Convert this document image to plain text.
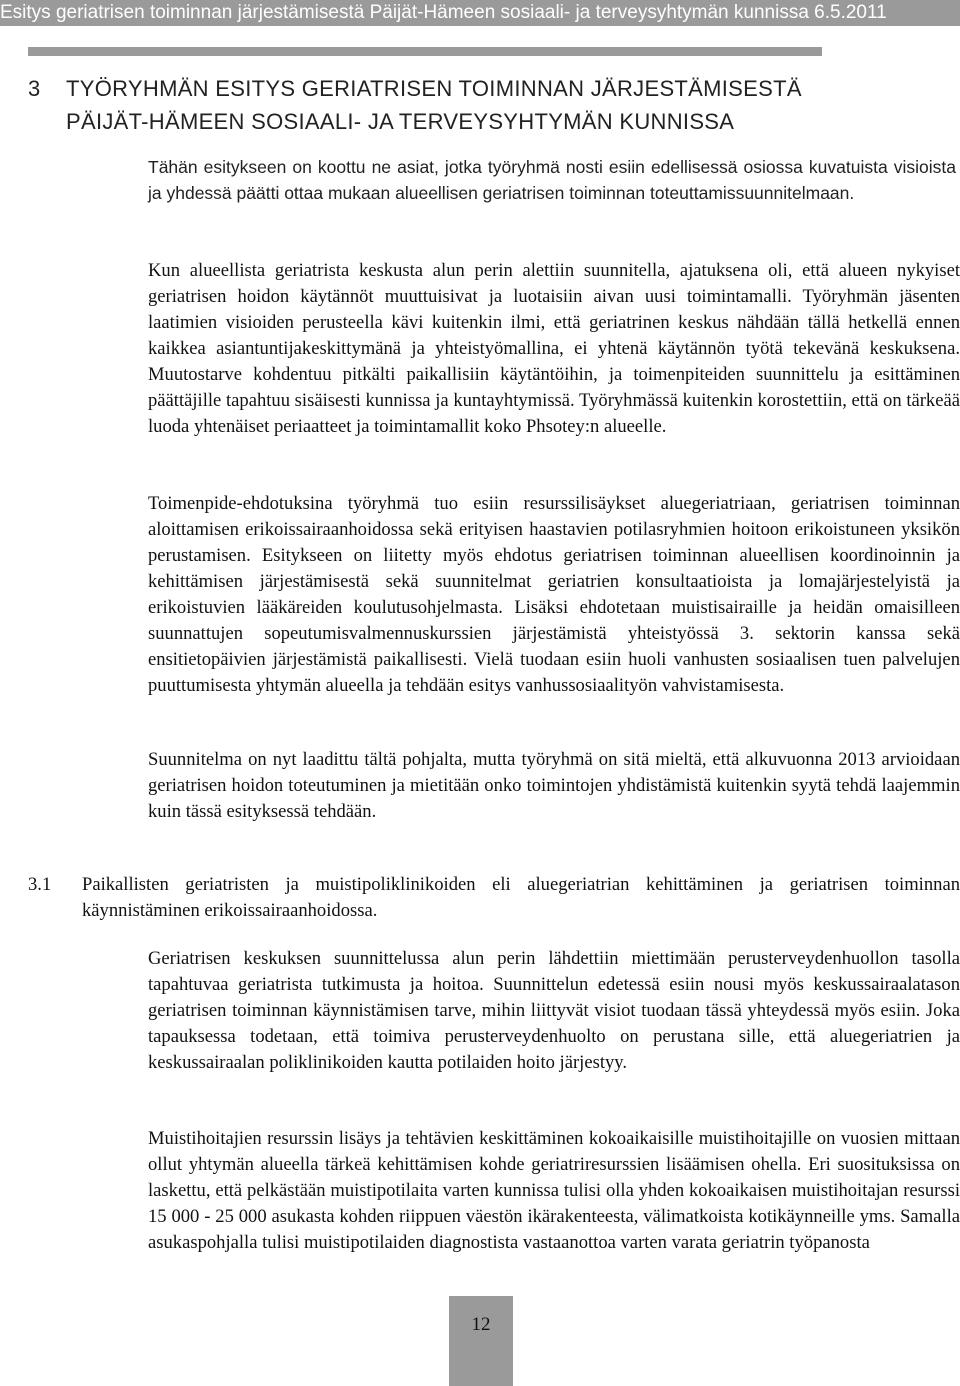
Esitys geriatrisen toiminnan järjestämisestä Päijät-Hämeen sosiaali- ja terveysyhtymän kunnissa 6.5.2011
3 TYÖRYHMÄN ESITYS GERIATRISEN TOIMINNAN JÄRJESTÄMISESTÄ
PÄIJÄT-HÄMEEN SOSIAALI- JA TERVEYSYHTYMÄN KUNNISSA
Tähän esitykseen on koottu ne asiat, jotka työryhmä nosti esiin edellisessä osiossa kuvatuista visioista ja yhdessä päätti ottaa mukaan alueellisen geriatrisen toiminnan toteuttamissuunnitelmaan.
Kun alueellista geriatrista keskusta alun perin alettiin suunnitella, ajatuksena oli, että alueen nykyiset geriatrisen hoidon käytännöt muuttuisivat ja luotaisiin aivan uusi toimintamalli. Työryhmän jäsenten laatimien visioiden perusteella kävi kuitenkin ilmi, että geriatrinen keskus nähdään tällä hetkellä ennen kaikkea asiantuntijakeskittymänä ja yhteistyömallina, ei yhtenä käytännön työtä tekevänä keskuksena. Muutostarve kohdentuu pitkälti paikallisiin käytäntöihin, ja toimenpiteiden suunnittelu ja esittäminen päättäjille tapahtuu sisäisesti kunnissa ja kuntayhtymissä. Työryhmässä kuitenkin korostettiin, että on tärkeää luoda yhtenäiset periaatteet ja toimintamallit koko Phsotey:n alueelle.
Toimenpide-ehdotuksina työryhmä tuo esiin resurssilisäykset aluegeriatriaan, geriatrisen toiminnan aloittamisen erikoissairaanhoidossa sekä erityisen haastavien potilasryhmien hoitoon erikoistuneen yksikön perustamisen. Esitykseen on liitetty myös ehdotus geriatrisen toiminnan alueellisen koordinoinnin ja kehittämisen järjestämisestä sekä suunnitelmat geriatrien konsultaatioista ja lomajärjestelyistä ja erikoistuvien lääkäreiden koulutusohjelmasta. Lisäksi ehdotetaan muistisairaille ja heidän omaisilleen suunnattujen sopeutumisvalmennuskurssien järjestämistä yhteistyössä 3. sektorin kanssa sekä ensitietopäivien järjestämistä paikallisesti. Vielä tuodaan esiin huoli vanhusten sosiaalisen tuen palvelujen puuttumisesta yhtymän alueella ja tehdään esitys vanhussosiaalityön vahvistamisesta.
Suunnitelma on nyt laadittu tältä pohjalta, mutta työryhmä on sitä mieltä, että alkuvuonna 2013 arvioidaan geriatrisen hoidon toteutuminen ja mietitään onko toimintojen yhdistämistä kuitenkin syytä tehdä laajemmin kuin tässä esityksessä tehdään.
3.1 Paikallisten geriatristen ja muistipoliklinikoiden eli aluegeriatrian kehittäminen ja geriatrisen toiminnan käynnistäminen erikoissairaanhoidossa.
Geriatrisen keskuksen suunnittelussa alun perin lähdettiin miettimään perusterveydenhuollon tasolla tapahtuvaa geriatrista tutkimusta ja hoitoa. Suunnittelun edetessä esiin nousi myös keskussairaalatason geriatrisen toiminnan käynnistämisen tarve, mihin liittyvät visiot tuodaan tässä yhteydessä myös esiin. Joka tapauksessa todetaan, että toimiva perusterveydenhuolto on perustana sille, että aluegeriatrien ja keskussairaalan poliklinikoiden kautta potilaiden hoito järjestyy.
Muistihoitajien resurssin lisäys ja tehtävien keskittäminen kokoaikaisille muistihoitajille on vuosien mittaan ollut yhtymän alueella tärkeä kehittämisen kohde geriatriresurssien lisäämisen ohella. Eri suosituksissa on laskettu, että pelkästään muistipotilaita varten kunnissa tulisi olla yhden kokoaikaisen muistihoitajan resurssi 15 000 - 25 000 asukasta kohden riippuen väestön ikärakenteesta, välimatkoista kotikäynneille yms. Samalla asukaspohjalla tulisi muistipotilaiden diagnostista vastaanottoa varten varata geriatrin työpanosta
12
